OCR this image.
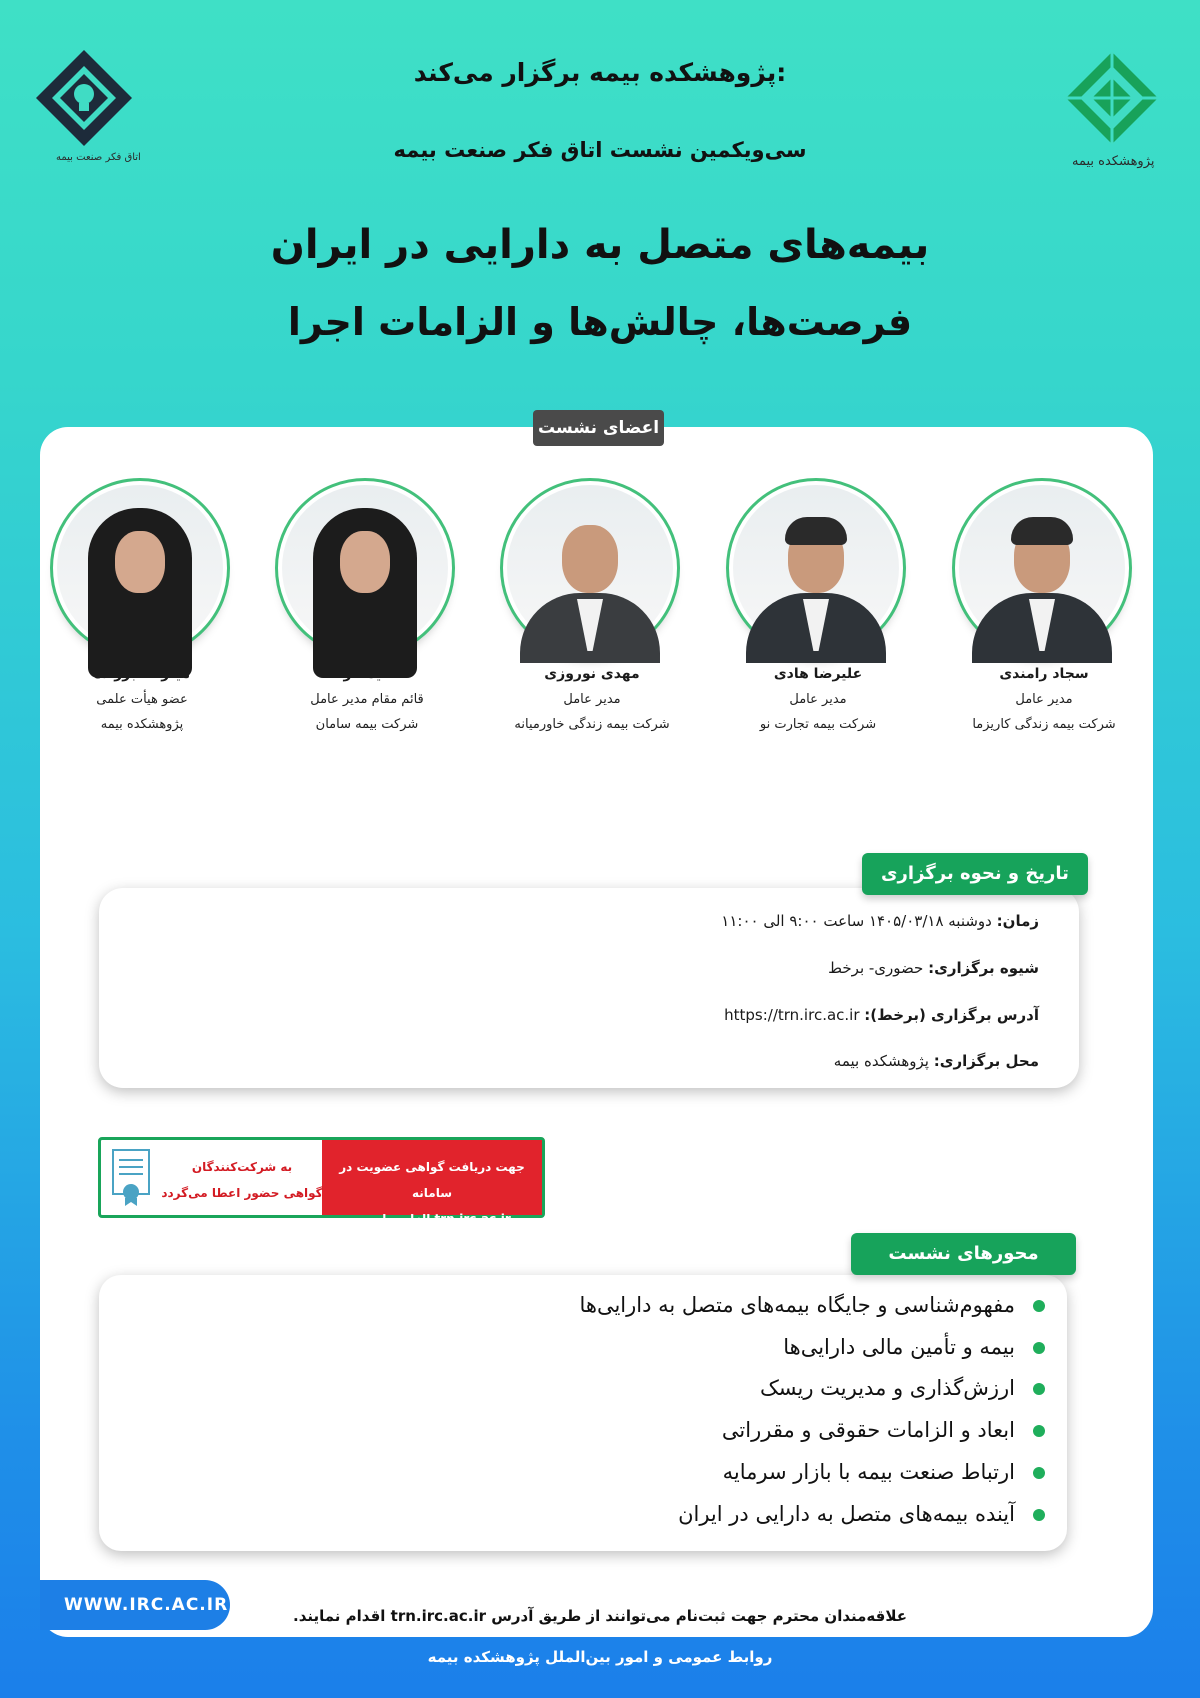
اتاق فکر صنعت بیمه	پژوهشکده بیمه
پژوهشکده بیمه برگزار می‌کند:
سی‌ویکمین نشست اتاق فکر صنعت بیمه
بیمه‌های متصل به دارایی در ایران
فرصت‌ها، چالش‌ها و الزامات اجرا
اعضای نشست
سجاد رامندی
مدیر عامل
شرکت بیمه زندگی کاریزما
علیرضا هادی
مدیر عامل
شرکت بیمه تجارت نو
مهدی نوروزی
مدیر عامل
شرکت بیمه زندگی خاورمیانه
قائم مقام مدیر عامل
شرکت بیمه سامان
عضو هیأت علمی
پژوهشکده بیمه
زمان: دوشنبه ۱۴۰۵/۰۳/۱۸ ساعت ۹:۰۰ الی ۱۱:۰۰
شیوه برگزاری: حضوری- برخط
آدرس برگزاری (برخط): https://trn.irc.ac.ir
محل برگزاری: پژوهشکده بیمه
تاریخ و نحوه برگزاری
جهت دریافت گواهی عضویت در سامانه
trn.irc.ac.ir الزامی است.
به شرکت‌کنندگان
گواهی حضور اعطا می‌گردد
مفهوم‌شناسی و جایگاه بیمه‌های متصل به دارایی‌ها
بیمه و تأمین مالی دارایی‌ها
ارزش‌گذاری و مدیریت ریسک
ابعاد و الزامات حقوقی و مقرراتی
ارتباط صنعت بیمه با بازار سرمایه
آینده بیمه‌های متصل به دارایی در ایران
محورهای نشست
WWW.IRC.AC.IR
علاقه‌مندان محترم جهت ثبت‌نام می‌توانند از طریق آدرس trn.irc.ac.ir اقدام نمایند.
روابط عمومی و امور بین‌الملل پژوهشکده بیمه
